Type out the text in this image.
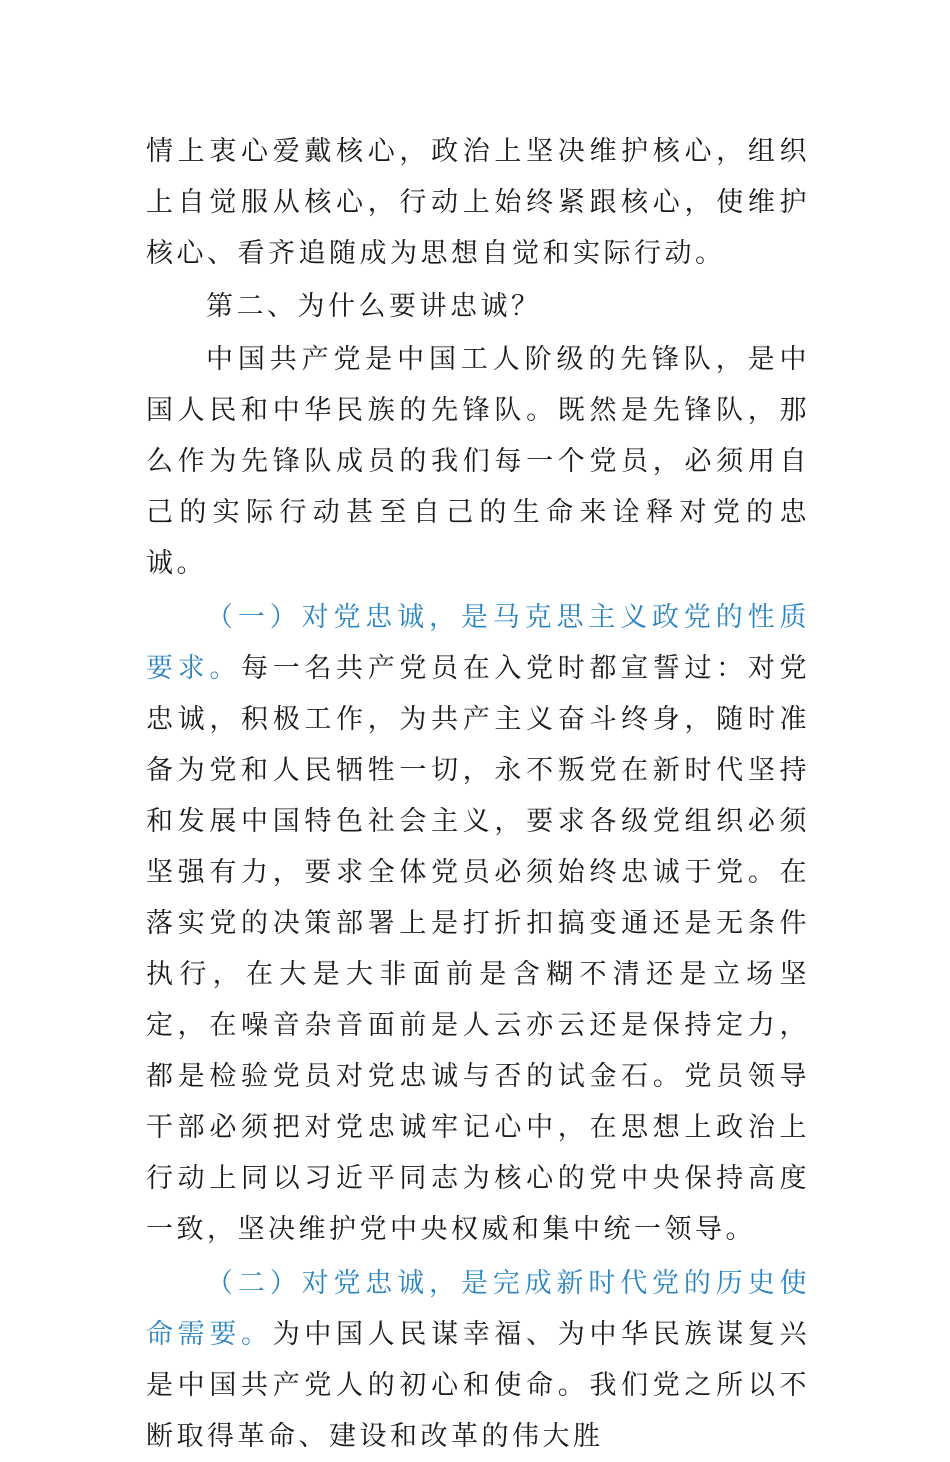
情上衷心爱戴核心，政治上坚决维护核心，组织上自觉服从核心，行动上始终紧跟核心，使维护核心、看齐追随成为思想自觉和实际行动。

第二、为什么要讲忠诚？

中国共产党是中国工人阶级的先锋队，是中国人民和中华民族的先锋队。既然是先锋队，那么作为先锋队成员的我们每一个党员，必须用自己的实际行动甚至自己的生命来诠释对党的忠诚。

（一）对党忠诚，是马克思主义政党的性质要求。每一名共产党员在入党时都宣誓过：对党忠诚，积极工作，为共产主义奋斗终身，随时准备为党和人民牺牲一切，永不叛党在新时代坚持和发展中国特色社会主义，要求各级党组织必须坚强有力，要求全体党员必须始终忠诚于党。在落实党的决策部署上是打折扣搞变通还是无条件执行，在大是大非面前是含糊不清还是立场坚定，在噪音杂音面前是人云亦云还是保持定力，都是检验党员对党忠诚与否的试金石。党员领导干部必须把对党忠诚牢记心中，在思想上政治上行动上同以习近平同志为核心的党中央保持高度一致，坚决维护党中央权威和集中统一领导。

（二）对党忠诚，是完成新时代党的历史使命需要。为中国人民谋幸福、为中华民族谋复兴是中国共产党人的初心和使命。我们党之所以不断取得革命、建设和改革的伟大胜
